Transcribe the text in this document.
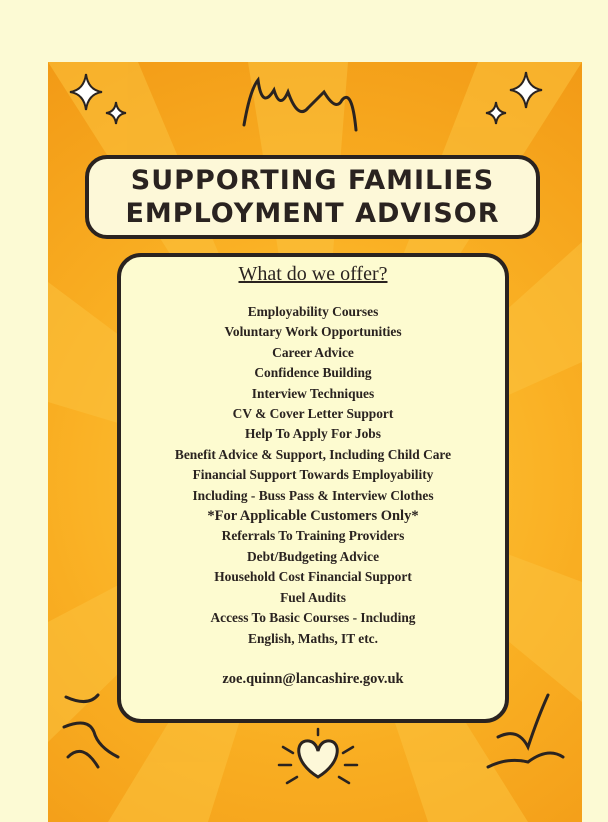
SUPPORTING FAMILIES
EMPLOYMENT ADVISOR
What do we offer?
Employability Courses
Voluntary Work Opportunities
Career Advice
Confidence Building
Interview Techniques
CV & Cover Letter Support
Help To Apply For Jobs
Benefit Advice & Support, Including Child Care
Financial Support Towards Employability
Including - Buss Pass & Interview Clothes
*For Applicable Customers Only*
Referrals To Training Providers
Debt/Budgeting Advice
Household Cost Financial Support
Fuel Audits
Access To Basic Courses - Including
English, Maths, IT etc.
zoe.quinn@lancashire.gov.uk
